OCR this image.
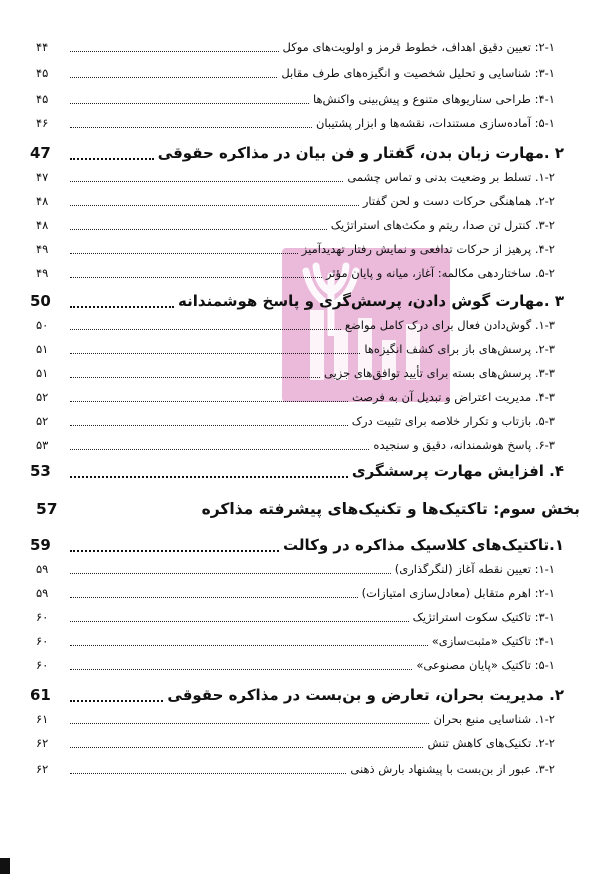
۲-۱: تعیین دقیق اهداف، خطوط قرمز و اولویت‌های موکل
۴۴
۳-۱: شناسایی و تحلیل شخصیت و انگیزه‌های طرف مقابل
۴۵
۴-۱: طراحی سناریوهای متنوع و پیش‌بینی واکنش‌ها
۴۵
۵-۱: آماده‌سازی مستندات، نقشه‌ها و ابزار پشتیبان
۴۶
۲ .مهارت زبان بدن، گفتار و فن بیان در مذاکره حقوقی
47
۱-۲. تسلط بر وضعیت بدنی و تماس چشمی
۴۷
۲-۲. هماهنگی حرکات دست و لحن گفتار
۴۸
۳-۲. کنترل تن صدا، ریتم و مکث‌های استراتژیک
۴۸
۴-۲. پرهیز از حرکات تدافعی و نمایش رفتار تهدیدآمیز
۴۹
۵-۲. ساختاردهی مکالمه: آغاز، میانه و پایان مؤثر
۴۹
۳ .مهارت گوش دادن، پرسش‌گری و پاسخ هوشمندانه
50
۱-۳. گوش‌دادن فعال برای درک کامل مواضع
۵۰
۲-۳. پرسش‌های باز برای کشف انگیزه‌ها
۵۱
۳-۳. پرسش‌های بسته برای تأیید توافق‌های جزیی
۵۱
۴-۳. مدیریت اعتراض و تبدیل آن به فرصت
۵۲
۵-۳. بازتاب و تکرار خلاصه برای تثبیت درک
۵۲
۶-۳. پاسخ هوشمندانه، دقیق و سنجیده
۵۳
۴. افزایش مهارت پرسشگری
53
بخش سوم: تاکتیک‌ها و تکنیک‌های پیشرفته مذاکره
57
۱.تاکتیک‌های کلاسیک مذاکره در وکالت
59
۱-۱: تعیین نقطه آغاز (لنگرگذاری)
۵۹
۲-۱: اهرم متقابل (معادل‌سازی امتیازات)
۵۹
۳-۱: تاکتیک سکوت استراتژیک
۶۰
۴-۱: تاکتیک «مثبت‌سازی»
۶۰
۵-۱: تاکتیک «پایان مصنوعی»
۶۰
۲. مدیریت بحران، تعارض و بن‌بست در مذاکره حقوقی
61
۱-۲. شناسایی منبع بحران
۶۱
۲-۲. تکنیک‌های کاهش تنش
۶۲
۳-۲. عبور از بن‌بست با پیشنهاد بارش ذهنی
۶۲
